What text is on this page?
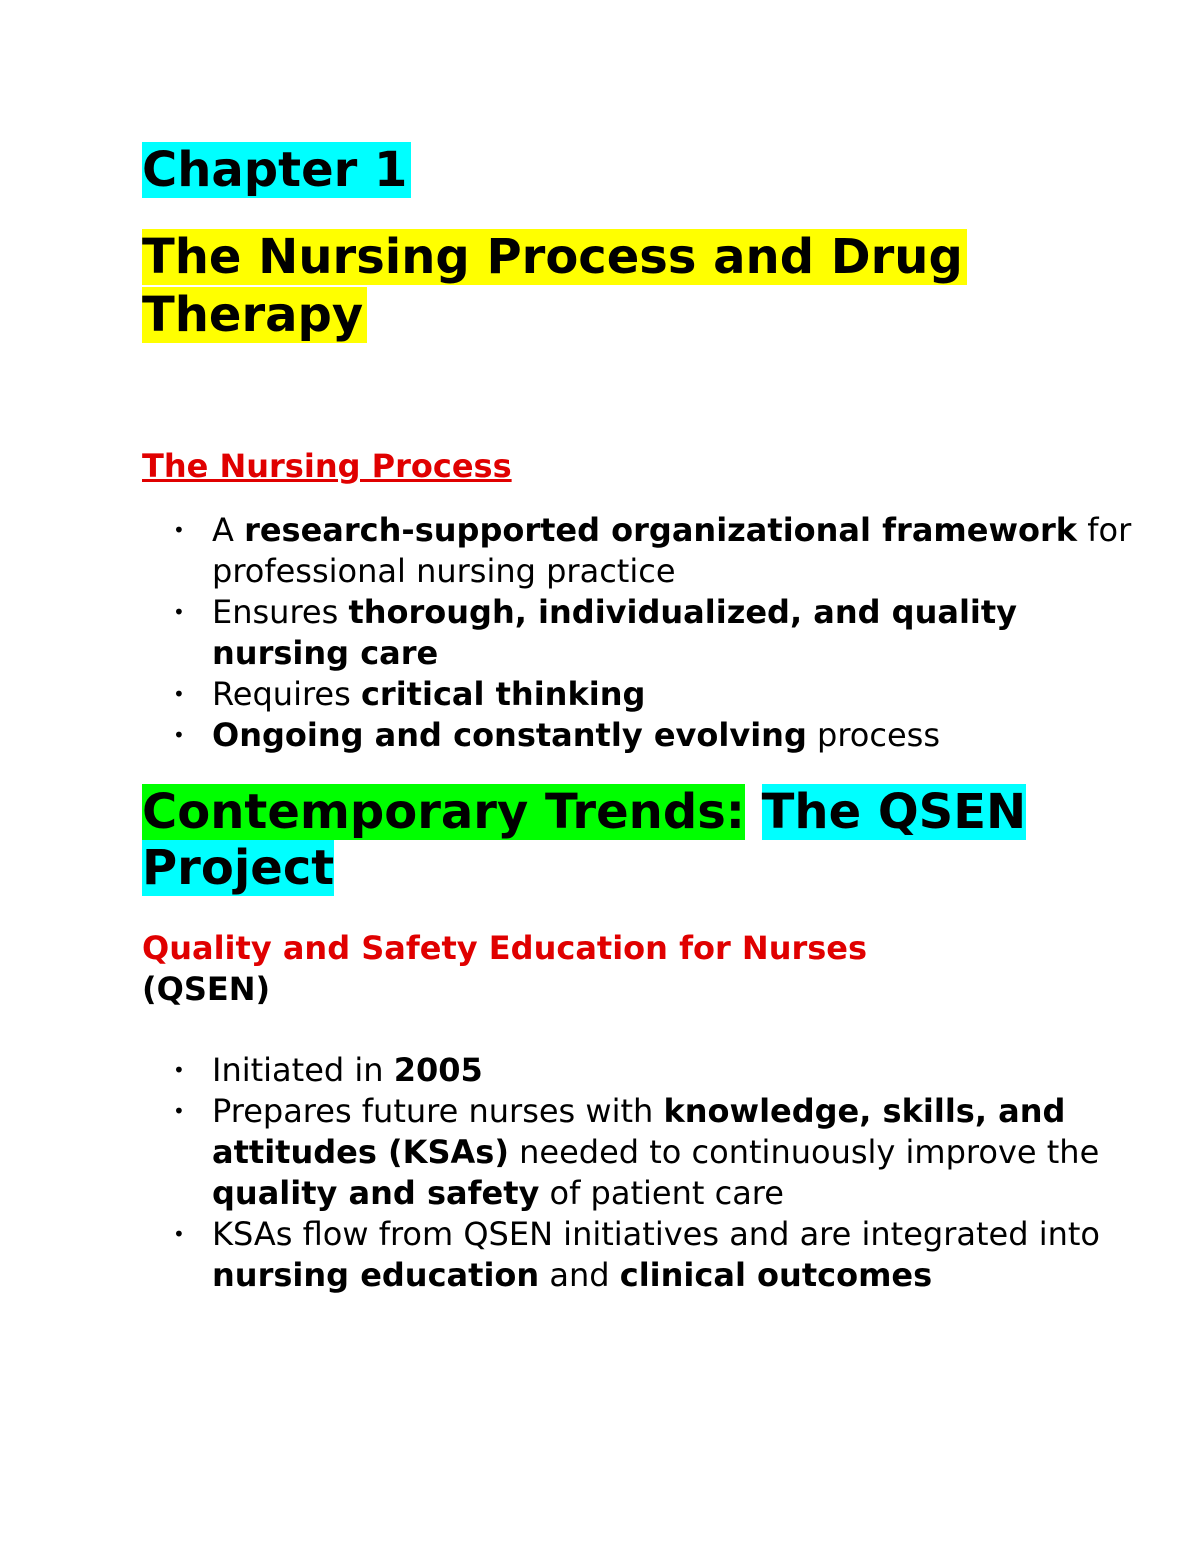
Chapter 1
The Nursing Process and Drug
Therapy
The Nursing Process
• A research-supported organizational framework for professional nursing practice
• Ensures thorough, individualized, and quality nursing care
• Requires critical thinking
• Ongoing and constantly evolving process
Contemporary Trends: The QSEN
Project
Quality and Safety Education for Nurses
(QSEN)
• Initiated in 2005
• Prepares future nurses with knowledge, skills, and attitudes (KSAs) needed to continuously improve the quality and safety of patient care
• KSAs flow from QSEN initiatives and are integrated into nursing education and clinical outcomes
